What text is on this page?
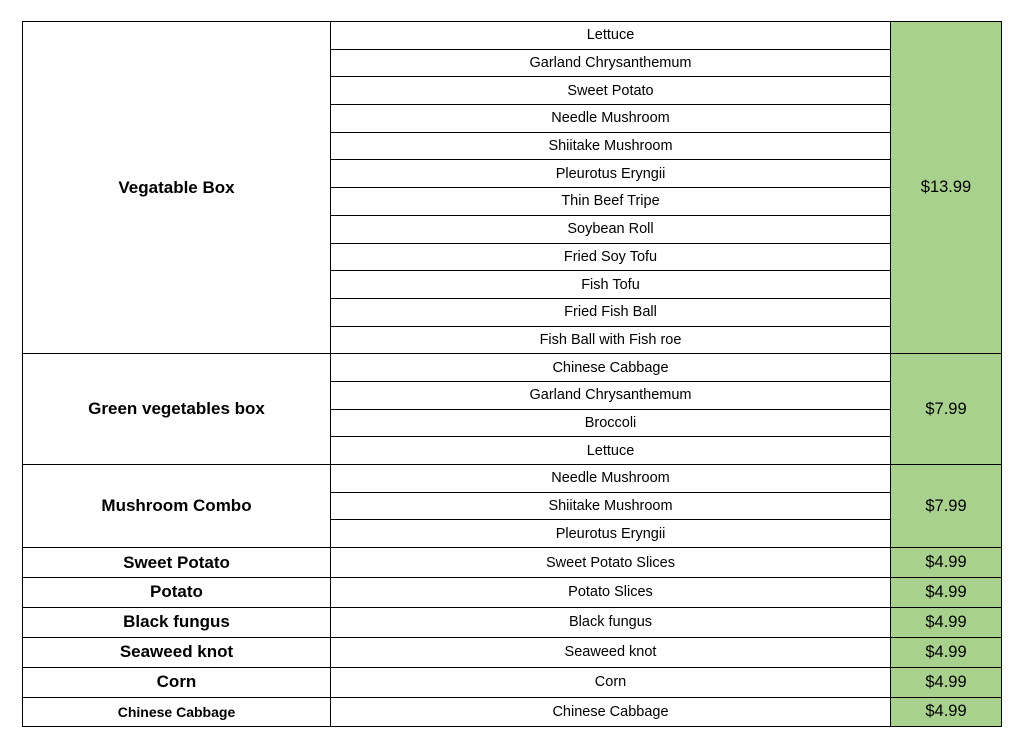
Vegatable Box	Lettuce	$13.99
	Garland Chrysanthemum	
	Sweet Potato	
	Needle Mushroom	
	Shiitake Mushroom	
	Pleurotus Eryngii	
	Thin Beef Tripe	
	Soybean Roll	
	Fried Soy Tofu	
	Fish Tofu	
	Fried Fish Ball	
	Fish Ball with Fish roe	
Green vegetables box	Chinese Cabbage	$7.99
	Garland Chrysanthemum	
	Broccoli	
	Lettuce	
Mushroom Combo	Needle Mushroom	$7.99
	Shiitake Mushroom	
	Pleurotus Eryngii	
Sweet Potato	Sweet Potato Slices	$4.99
Potato	Potato Slices	$4.99
Black fungus	Black fungus	$4.99
Seaweed knot	Seaweed knot	$4.99
Corn	Corn	$4.99
Chinese Cabbage	Chinese Cabbage	$4.99
